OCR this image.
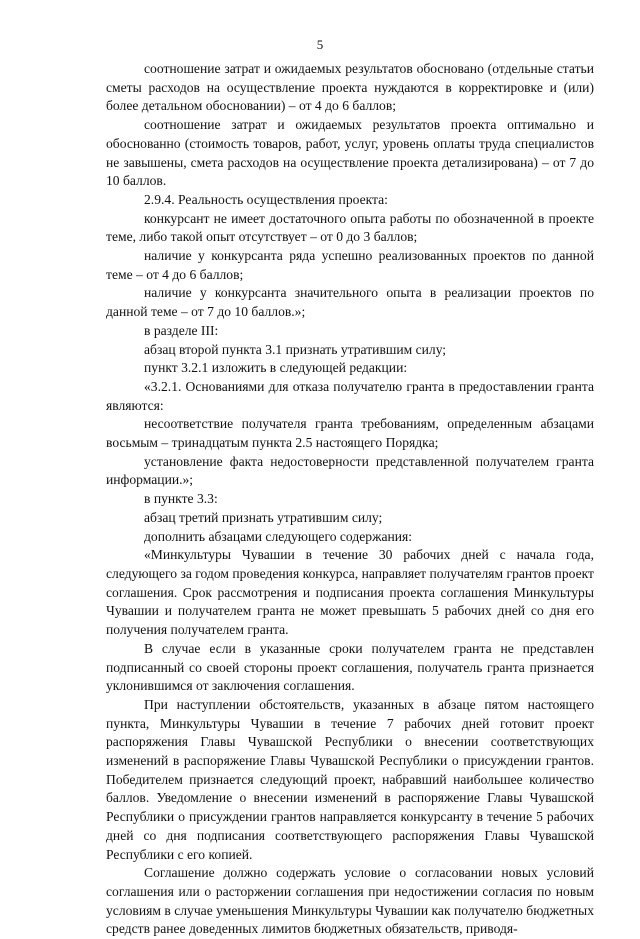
5

соотношение затрат и ожидаемых результатов обосновано (отдельные статьи сметы расходов на осуществление проекта нуждаются в корректировке и (или) более детальном обосновании) – от 4 до 6 баллов;

соотношение затрат и ожидаемых результатов проекта оптимально и обоснованно (стоимость товаров, работ, услуг, уровень оплаты труда специалистов не завышены, смета расходов на осуществление проекта детализирована) – от 7 до 10 баллов.

2.9.4. Реальность осуществления проекта:

конкурсант не имеет достаточного опыта работы по обозначенной в проекте теме, либо такой опыт отсутствует – от 0 до 3 баллов;

наличие у конкурсанта ряда успешно реализованных проектов по данной теме – от 4 до 6 баллов;

наличие у конкурсанта значительного опыта в реализации проектов по данной теме – от 7 до 10 баллов.»;

в разделе III:

абзац второй пункта 3.1 признать утратившим силу;

пункт 3.2.1 изложить в следующей редакции:

«3.2.1. Основаниями для отказа получателю гранта в предоставлении гранта являются:

несоответствие получателя гранта требованиям, определенным абзацами восьмым – тринадцатым пункта 2.5 настоящего Порядка;

установление факта недостоверности представленной получателем гранта информации.»;

в пункте 3.3:

абзац третий признать утратившим силу;

дополнить абзацами следующего содержания:

«Минкультуры Чувашии в течение 30 рабочих дней с начала года, следующего за годом проведения конкурса, направляет получателям грантов проект соглашения. Срок рассмотрения и подписания проекта соглашения Минкультуры Чувашии и получателем гранта не может превышать 5 рабочих дней со дня его получения получателем гранта.

В случае если в указанные сроки получателем гранта не представлен подписанный со своей стороны проект соглашения, получатель гранта признается уклонившимся от заключения соглашения.

При наступлении обстоятельств, указанных в абзаце пятом настоящего пункта, Минкультуры Чувашии в течение 7 рабочих дней готовит проект распоряжения Главы Чувашской Республики о внесении соответствующих изменений в распоряжение Главы Чувашской Республики о присуждении грантов. Победителем признается следующий проект, набравший наибольшее количество баллов. Уведомление о внесении изменений в распоряжение Главы Чувашской Республики о присуждении грантов направляется конкурсанту в течение 5 рабочих дней со дня подписания соответствующего распоряжения Главы Чувашской Республики с его копией.

Соглашение должно содержать условие о согласовании новых условий соглашения или о расторжении соглашения при недостижении согласия по новым условиям в случае уменьшения Минкультуры Чувашии как получателю бюджетных средств ранее доведенных лимитов бюджетных обязательств, приводя-
